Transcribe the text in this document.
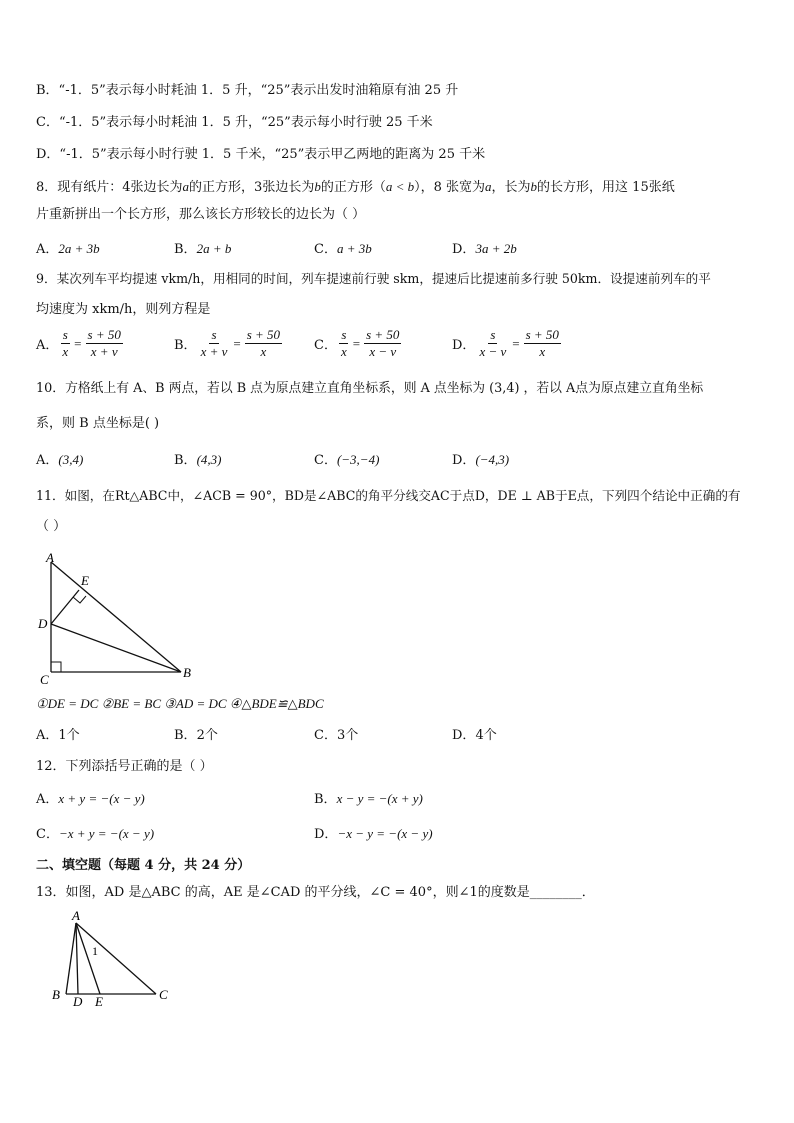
B．“-1．5”表示每小时耗油 1．5 升，“25”表示出发时油箱原有油 25 升
C．“-1．5”表示每小时耗油 1．5 升，“25”表示每小时行驶 25 千米
D．“-1．5”表示每小时行驶 1．5 千米，“25”表示甲乙两地的距离为 25 千米
8．现有纸片：4张边长为a的正方形，3张边长为b的正方形（a < b），8 张宽为a，长为b的长方形，用这 15张纸
片重新拼出一个长方形，那么该长方形较长的边长为（ ）
A．2a + 3b	B．2a + b	C．a + 3b	D．3a + 2b
9．某次列车平均提速 vkm/h，用相同的时间，列车提速前行驶 skm，提速后比提速前多行驶 50km．设提速前列车的平
均速度为 xkm/h，则列方程是
A． $\frac{s}{x} = \frac{s + 50}{x + v}$	B． $\frac{s}{x + v} = \frac{s + 50}{x}$ C． $\frac{s}{x} = \frac{s + 50}{x - v}$	D． $\frac{s}{x - v} = \frac{s + 50}{x}$
10．方格纸上有 A、B 两点，若以 B 点为原点建立直角坐标系，则 A 点坐标为 (3,4) ，若以 A点为原点建立直角坐标
系，则 B 点坐标是( )
A．(3,4)	B．(4,3)	C．(−3,−4)	D．(−4,3)
11．如图，在Rt△ABC中，∠ACB = 90°，BD是∠ABC的角平分线交AC于点D，DE ⊥ AB于E点，下列四个结论中正确的有
（ ）
A
E
D
C	B
①DE = DC ②BE = BC ③AD = DC ④△BDE≌△BDC
A．1个	B．2个	C．3个	D．4个
12．下列添括号正确的是（ ）
A．x + y = −(x − y)	B．x − y = −(x + y)
C．−x + y = −(x − y)	D．−x − y = −(x − y)
二、填空题（每题 4 分，共 24 分）
13．如图，AD 是△ABC 的高，AE 是∠CAD 的平分线，∠C = 40°，则∠1的度数是________．
A
1
B D E	C
